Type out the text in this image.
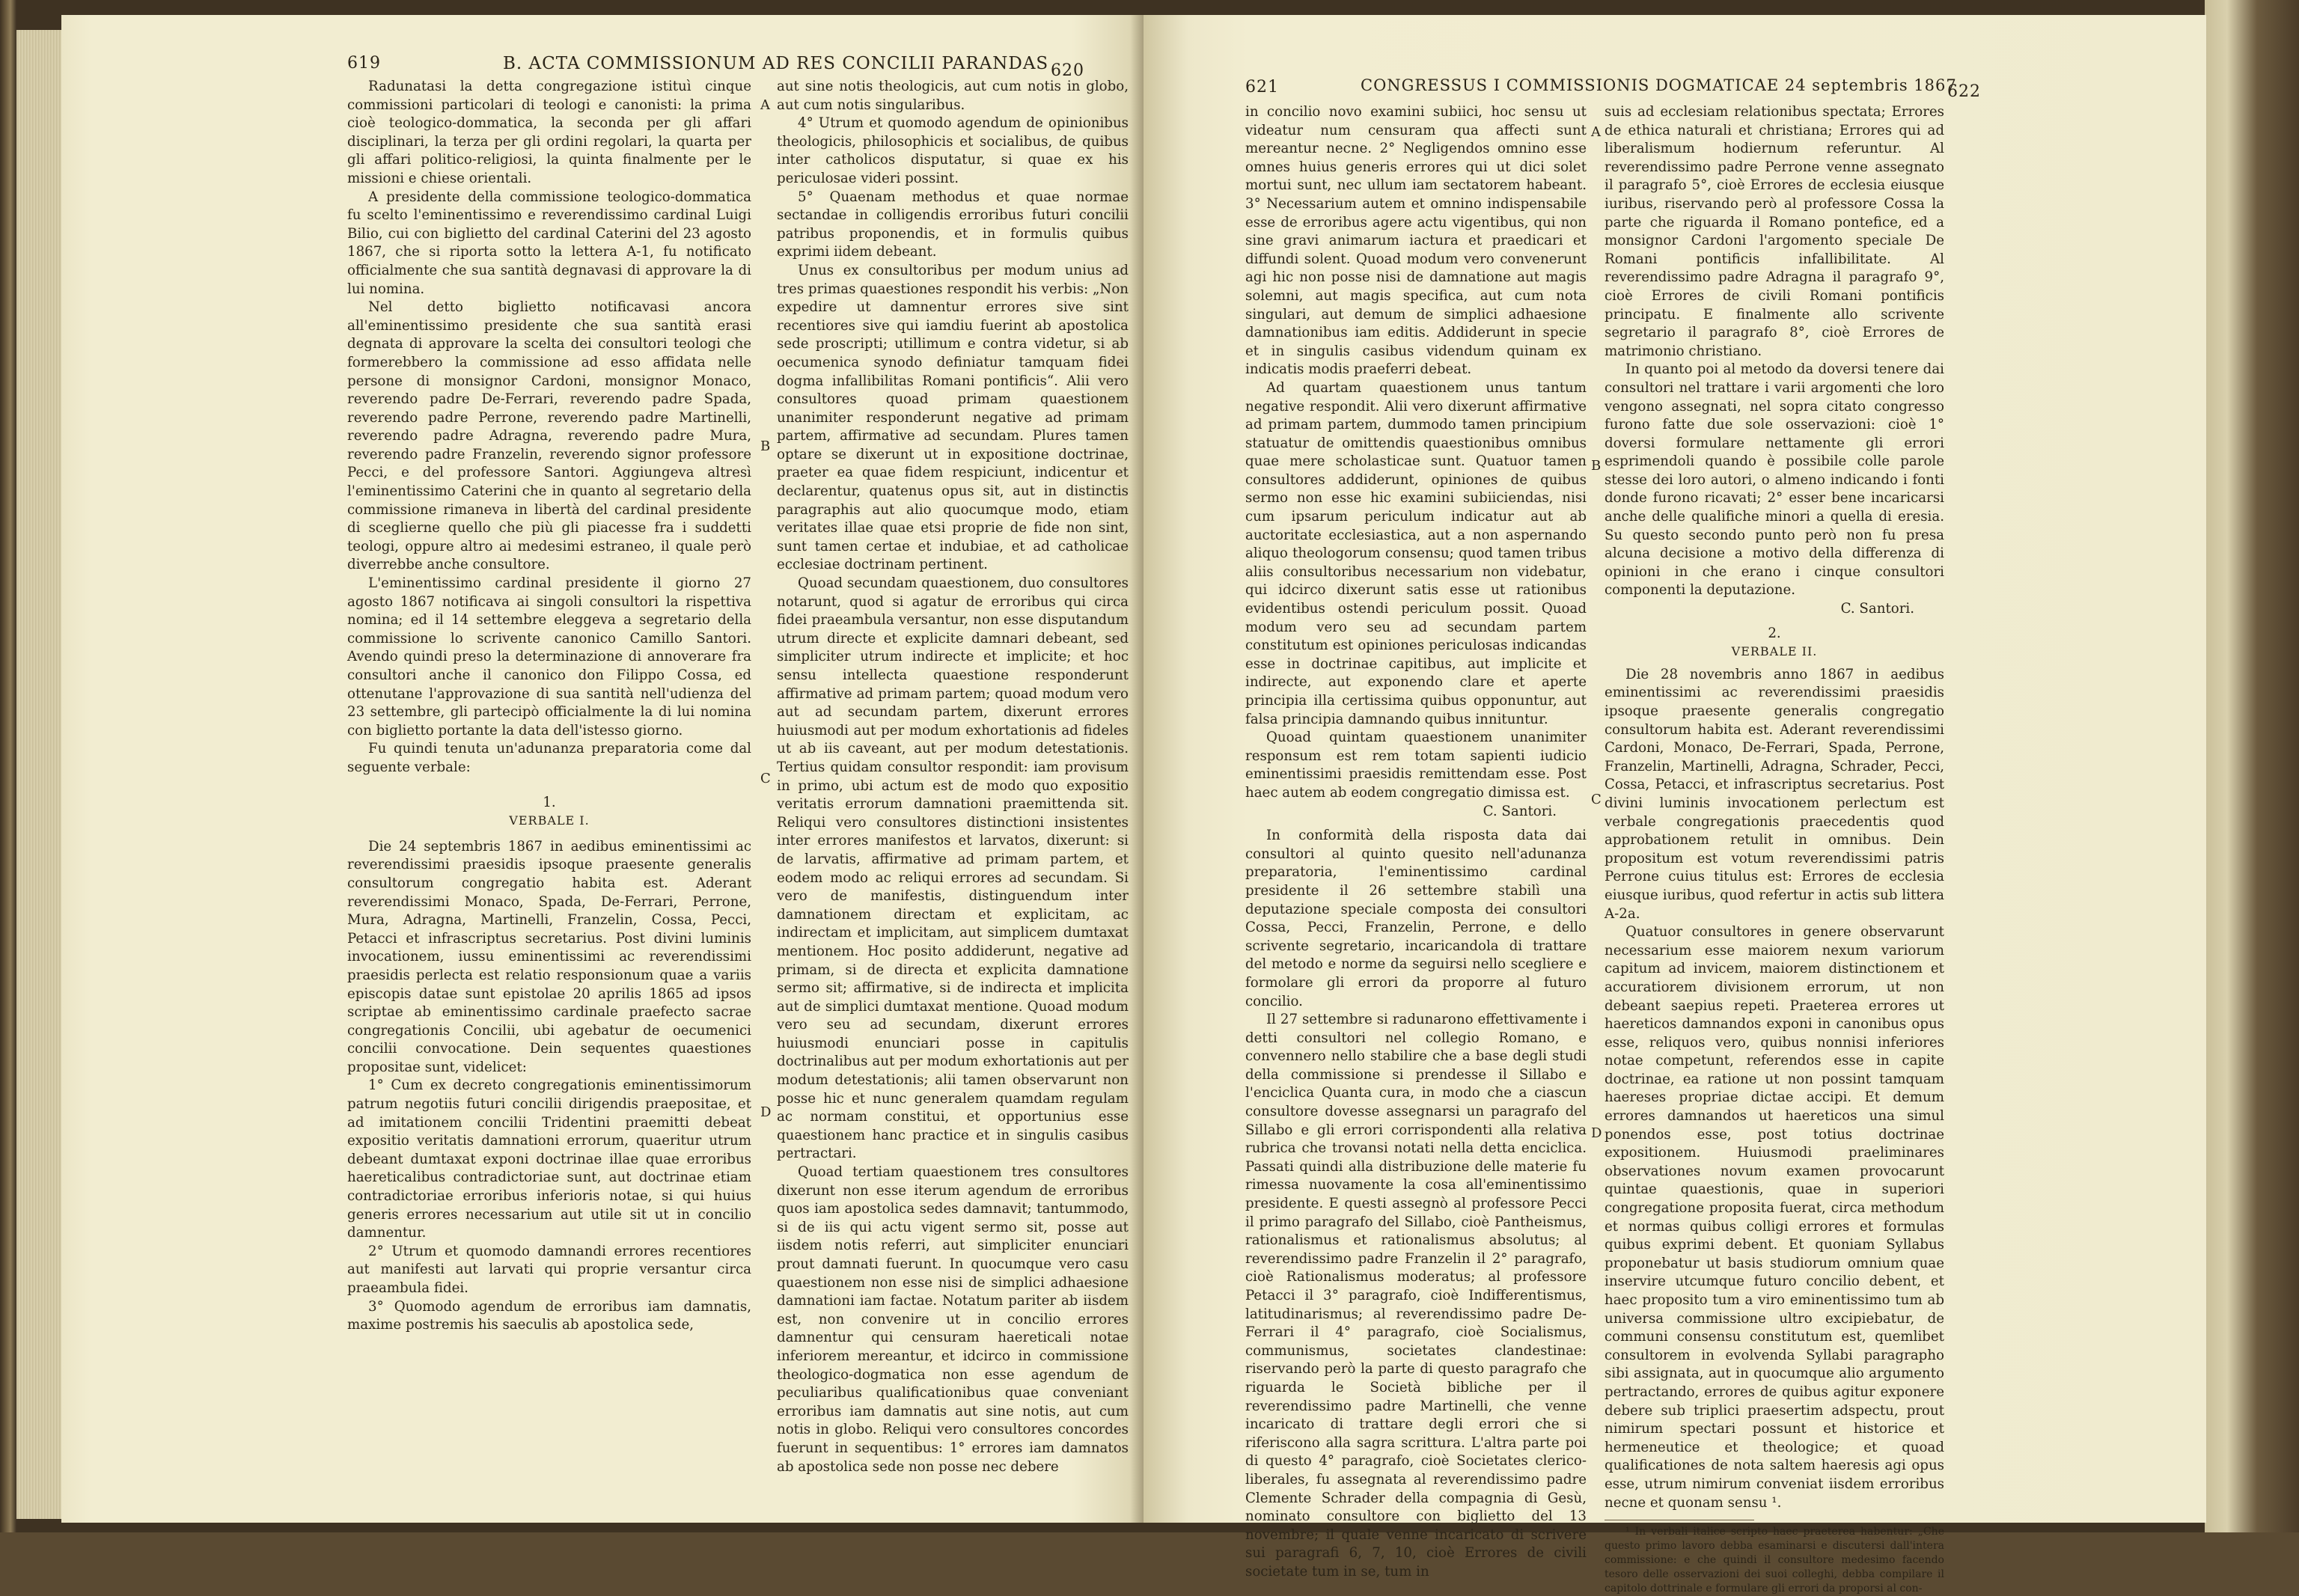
619	B. ACTA COMMISSIONUM AD RES CONCILII PARANDAS 620

Radunatasi la detta congregazione istituì cinque commissioni particolari di teologi e canonisti: la prima cioè teologico-dommatica, la seconda per gli affari disciplinari, la terza per gli ordini regolari, la quarta per gli affari politico-religiosi, la quinta finalmente per le missioni e chiese orientali.

A presidente della commissione teologico-dommatica fu scelto l'eminentissimo e reverendissimo cardinal Luigi Bilio, cui con biglietto del cardinal Caterini del 23 agosto 1867, che si riporta sotto la lettera A-1, fu notificato officialmente che sua santità degnavasi di approvare la di lui nomina.

Nel detto biglietto notificavasi ancora all'eminentissimo presidente che sua santità erasi degnata di approvare la scelta dei consultori teologi che formerebbero la commissione ad esso affidata nelle persone di monsignor Cardoni, monsignor Monaco, reverendo padre De-Ferrari, reverendo padre Spada, reverendo padre Perrone, reverendo padre Martinelli, reverendo padre Adragna, reverendo padre Mura, reverendo padre Franzelin, reverendo signor professore Pecci, e del professore Santori. Aggiungeva altresì l'eminentissimo Caterini che in quanto al segretario della commissione rimaneva in libertà del cardinal presidente di sceglierne quello che più gli piacesse fra i suddetti teologi, oppure altro ai medesimi estraneo, il quale però diverrebbe anche consultore.

L'eminentissimo cardinal presidente il giorno 27 agosto 1867 notificava ai singoli consultori la rispettiva nomina; ed il 14 settembre eleggeva a segretario della commissione lo scrivente canonico Camillo Santori. Avendo quindi preso la determinazione di annoverare fra consultori anche il canonico don Filippo Cossa, ed ottenutane l'approvazione di sua santità nell'udienza del 23 settembre, gli partecipò officialmente la di lui nomina con biglietto portante la data dell'istesso giorno.

Fu quindi tenuta un'adunanza preparatoria come dal seguente verbale:

1.

VERBALE I.

Die 24 septembris 1867 in aedibus eminentissimi ac reverendissimi praesidis ipsoque praesente generalis consultorum congregatio habita est. Aderant reverendissimi Monaco, Spada, De-Ferrari, Perrone, Mura, Adragna, Martinelli, Franzelin, Cossa, Pecci, Petacci et infrascriptus secretarius. Post divini luminis invocationem, iussu eminentissimi ac reverendissimi praesidis perlecta est relatio responsionum quae a variis episcopis datae sunt epistolae 20 aprilis 1865 ad ipsos scriptae ab eminentissimo cardinale praefecto sacrae congregationis Concilii, ubi agebatur de oecumenici concilii convocatione. Dein sequentes quaestiones propositae sunt, videlicet:

1° Cum ex decreto congregationis eminentissimorum patrum negotiis futuri concilii dirigendis praepositae, et ad imitationem concilii Tridentini praemitti debeat expositio veritatis damnationi errorum, quaeritur utrum debeant dumtaxat exponi doctrinae illae quae erroribus haereticalibus contradictoriae sunt, aut doctrinae etiam contradictoriae erroribus inferioris notae, si qui huius generis errores necessarium aut utile sit ut in concilio damnentur.

2° Utrum et quomodo damnandi errores recentiores aut manifesti aut larvati qui proprie versantur circa praeambula fidei.

3° Quomodo agendum de erroribus iam damnatis, maxime postremis his saeculis ab apostolica sede,

A
B
C
D

aut sine notis theologicis, aut cum notis in globo, aut cum notis singularibus.

4° Utrum et quomodo agendum de opinionibus theologicis, philosophicis et socialibus, de quibus inter catholicos disputatur, si quae ex his periculosae videri possint.

5° Quaenam methodus et quae normae sectandae in colligendis erroribus futuri concilii patribus proponendis, et in formulis quibus exprimi iidem debeant.

Unus ex consultoribus per modum unius ad tres primas quaestiones respondit his verbis: „Non expedire ut damnentur errores sive sint recentiores sive qui iamdiu fuerint ab apostolica sede proscripti; utillimum e contra videtur, si ab oecumenica synodo definiatur tamquam fidei dogma infallibilitas Romani pontificis“. Alii vero consultores quoad primam quaestionem unanimiter responderunt negative ad primam partem, affirmative ad secundam. Plures tamen optare se dixerunt ut in expositione doctrinae, praeter ea quae fidem respiciunt, indicentur et declarentur, quatenus opus sit, aut in distinctis paragraphis aut alio quocumque modo, etiam veritates illae quae etsi proprie de fide non sint, sunt tamen certae et indubiae, et ad catholicae ecclesiae doctrinam pertinent.

Quoad secundam quaestionem, duo consultores notarunt, quod si agatur de erroribus qui circa fidei praeambula versantur, non esse disputandum utrum directe et explicite damnari debeant, sed simpliciter utrum indirecte et implicite; et hoc sensu intellecta quaestione responderunt affirmative ad primam partem; quoad modum vero aut ad secundam partem, dixerunt errores huiusmodi aut per modum exhortationis ad fideles ut ab iis caveant, aut per modum detestationis. Tertius quidam consultor respondit: iam provisum in primo, ubi actum est de modo quo expositio veritatis errorum damnationi praemittenda sit. Reliqui vero consultores distinctioni insistentes inter errores manifestos et larvatos, dixerunt: si de larvatis, affirmative ad primam partem, et eodem modo ac reliqui errores ad secundam. Si vero de manifestis, distinguendum inter damnationem directam et explicitam, ac indirectam et implicitam, aut simplicem dumtaxat mentionem. Hoc posito addiderunt, negative ad primam, si de directa et explicita damnatione sermo sit; affirmative, si de indirecta et implicita aut de simplici dumtaxat mentione. Quoad modum vero seu ad secundam, dixerunt errores huiusmodi enunciari posse in capitulis doctrinalibus aut per modum exhortationis aut per modum detestationis; alii tamen observarunt non posse hic et nunc generalem quamdam regulam ac normam constitui, et opportunius esse quaestionem hanc practice et in singulis casibus pertractari.

Quoad tertiam quaestionem tres consultores dixerunt non esse iterum agendum de erroribus quos iam apostolica sedes damnavit; tantummodo, si de iis qui actu vigent sermo sit, posse aut iisdem notis referri, aut simpliciter enunciari prout damnati fuerunt. In quocumque vero casu quaestionem non esse nisi de simplici adhaesione damnationi iam factae. Notatum pariter ab iisdem est, non convenire ut in concilio errores damnentur qui censuram haereticali notae inferiorem mereantur, et idcirco in commissione theologico-dogmatica non esse agendum de peculiaribus qualificationibus quae conveniant erroribus iam damnatis aut sine notis, aut cum notis in globo. Reliqui vero consultores concordes fuerunt in sequentibus: 1° errores iam damnatos ab apostolica sede non posse nec debere

621	CONGRESSUS I COMMISSIONIS DOGMATICAE 24 septembris 1867
622

in concilio novo examini subiici, hoc sensu ut videatur num censuram qua affecti sunt mereantur necne. 2° Negligendos omnino esse omnes huius generis errores qui ut dici solet mortui sunt, nec ullum iam sectatorem habeant. 3° Necessarium autem et omnino indispensabile esse de erroribus agere actu vigentibus, qui non sine gravi animarum iactura et praedicari et diffundi solent. Quoad modum vero convenerunt agi hic non posse nisi de damnatione aut magis solemni, aut magis specifica, aut cum nota singulari, aut demum de simplici adhaesione damnationibus iam editis. Addiderunt in specie et in singulis casibus videndum quinam ex indicatis modis praeferri debeat.

Ad quartam quaestionem unus tantum negative respondit. Alii vero dixerunt affirmative ad primam partem, dummodo tamen principium statuatur de omittendis quaestionibus omnibus quae mere scholasticae sunt. Quatuor tamen consultores addiderunt, opiniones de quibus sermo non esse hic examini subiiciendas, nisi cum ipsarum periculum indicatur aut ab auctoritate ecclesiastica, aut a non aspernando aliquo theologorum consensu; quod tamen tribus aliis consultoribus necessarium non videbatur, qui idcirco dixerunt satis esse ut rationibus evidentibus ostendi periculum possit. Quoad modum vero seu ad secundam partem constitutum est opiniones periculosas indicandas esse in doctrinae capitibus, aut implicite et indirecte, aut exponendo clare et aperte principia illa certissima quibus opponuntur, aut falsa principia damnando quibus innituntur.

Quoad quintam quaestionem unanimiter responsum est rem totam sapienti iudicio eminentissimi praesidis remittendam esse. Post haec autem ab eodem congregatio dimissa est.

C. Santori.

In conformità della risposta data dai consultori al quinto quesito nell'adunanza preparatoria, l'eminentissimo cardinal presidente il 26 settembre stabilì una deputazione speciale composta dei consultori Cossa, Pecci, Franzelin, Perrone, e dello scrivente segretario, incaricandola di trattare del metodo e norme da seguirsi nello scegliere e formolare gli errori da proporre al futuro concilio.

Il 27 settembre si radunarono effettivamente i detti consultori nel collegio Romano, e convennero nello stabilire che a base degli studi della commissione si prendesse il Sillabo e l'enciclica Quanta cura, in modo che a ciascun consultore dovesse assegnarsi un paragrafo del Sillabo e gli errori corrispondenti alla relativa rubrica che trovansi notati nella detta enciclica. Passati quindi alla distribuzione delle materie fu rimessa nuovamente la cosa all'eminentissimo presidente. E questi assegnò al professore Pecci il primo paragrafo del Sillabo, cioè Pantheismus, rationalismus et rationalismus absolutus; al reverendissimo padre Franzelin il 2° paragrafo, cioè Rationalismus moderatus; al professore Petacci il 3° paragrafo, cioè Indifferentismus, latitudinarismus; al reverendissimo padre De-Ferrari il 4° paragrafo, cioè Socialismus, communismus, societates clandestinae: riservando però la parte di questo paragrafo che riguarda le Società bibliche per il reverendissimo padre Martinelli, che venne incaricato di trattare degli errori che si riferiscono alla sagra scrittura. L'altra parte poi di questo 4° paragrafo, cioè Societates clerico-liberales, fu assegnata al reverendissimo padre Clemente Schrader della compagnia di Gesù, nominato consultore con biglietto del 13 novembre; il quale venne incaricato di scrivere sui paragrafi 6, 7, 10, cioè Errores de civili societate tum in se, tum in

A
B
C
D

suis ad ecclesiam relationibus spectata; Errores de ethica naturali et christiana; Errores qui ad liberalismum hodiernum referuntur. Al reverendissimo padre Perrone venne assegnato il paragrafo 5°, cioè Errores de ecclesia eiusque iuribus, riservando però al professore Cossa la parte che riguarda il Romano pontefice, ed a monsignor Cardoni l'argomento speciale De Romani pontificis infallibilitate. Al reverendissimo padre Adragna il paragrafo 9°, cioè Errores de civili Romani pontificis principatu. E finalmente allo scrivente segretario il paragrafo 8°, cioè Errores de matrimonio christiano.

In quanto poi al metodo da doversi tenere dai consultori nel trattare i varii argomenti che loro vengono assegnati, nel sopra citato congresso furono fatte due sole osservazioni: cioè 1° doversi formulare nettamente gli errori esprimendoli quando è possibile colle parole stesse dei loro autori, o almeno indicando i fonti donde furono ricavati; 2° esser bene incaricarsi anche delle qualifiche minori a quella di eresia. Su questo secondo punto però non fu presa alcuna decisione a motivo della differenza di opinioni in che erano i cinque consultori componenti la deputazione.

C. Santori.

2.

VERBALE II.

Die 28 novembris anno 1867 in aedibus eminentissimi ac reverendissimi praesidis ipsoque praesente generalis congregatio consultorum habita est. Aderant reverendissimi Cardoni, Monaco, De-Ferrari, Spada, Perrone, Franzelin, Martinelli, Adragna, Schrader, Pecci, Cossa, Petacci, et infrascriptus secretarius. Post divini luminis invocationem perlectum est verbale congregationis praecedentis quod approbationem retulit in omnibus. Dein propositum est votum reverendissimi patris Perrone cuius titulus est: Errores de ecclesia eiusque iuribus, quod refertur in actis sub littera A-2a.

Quatuor consultores in genere observarunt necessarium esse maiorem nexum variorum capitum ad invicem, maiorem distinctionem et accuratiorem divisionem errorum, ut non debeant saepius repeti. Praeterea errores ut haereticos damnandos exponi in canonibus opus esse, reliquos vero, quibus nonnisi inferiores notae competunt, referendos esse in capite doctrinae, ea ratione ut non possint tamquam haereses propriae dictae accipi. Et demum errores damnandos ut haereticos una simul ponendos esse, post totius doctrinae expositionem. Huiusmodi praeliminares observationes novum examen provocarunt quintae quaestionis, quae in superiori congregatione proposita fuerat, circa methodum et normas quibus colligi errores et formulas quibus exprimi debent. Et quoniam Syllabus proponebatur ut basis studiorum omnium quae inservire utcumque futuro concilio debent, et haec proposito tum a viro eminentissimo tum ab universa commissione ultro excipiebatur, de communi consensu constitutum est, quemlibet consultorem in evolvenda Syllabi paragrapho sibi assignata, aut in quocumque alio argumento pertractando, errores de quibus agitur exponere debere sub triplici praesertim adspectu, prout nimirum spectari possunt et historice et hermeneutice et theologice; et quoad qualificationes de nota saltem haeresis agi opus esse, utrum nimirum conveniat iisdem erroribus necne et quonam sensu ¹.

¹ In verbali italice scripto haec praeterea habentur: „Che questo primo lavoro debba esaminarsi e discutersi dall'intera commissione: e che quindi il consultore medesimo facendo tesoro delle osservazioni dei suoi colleghi, debba compilare il capitolo dottrinale e formulare gli errori da proporsi al con-
